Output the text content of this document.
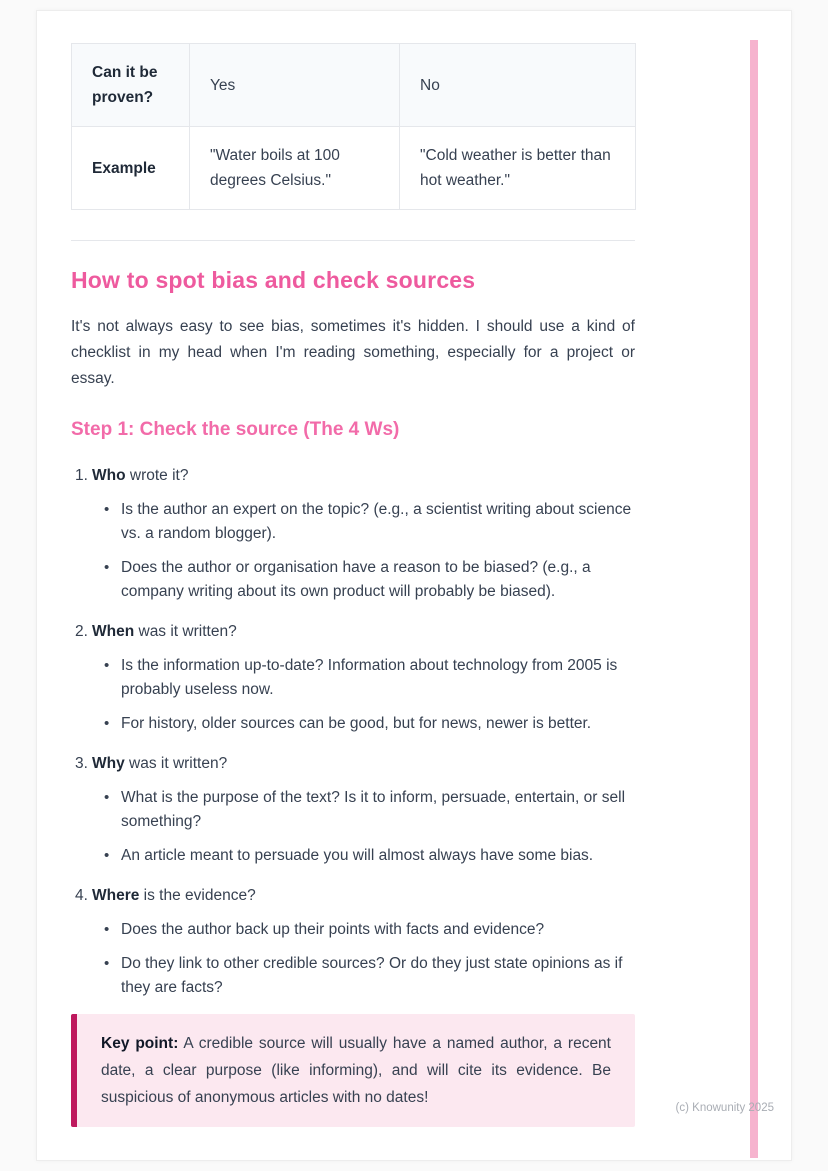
Can it be proven?	Yes	No
Example	"Water boils at 100 degrees Celsius."	"Cold weather is better than hot weather."
How to spot bias and check sources

It's not always easy to see bias, sometimes it's hidden. I should use a kind of checklist in my head when I'm reading something, especially for a project or essay.

Step 1: Check the source (The 4 Ws)
1. Who wrote it?
• Is the author an expert on the topic? (e.g., a scientist writing about science vs. a random blogger).
• Does the author or organisation have a reason to be biased? (e.g., a company writing about its own product will probably be biased).
2. When was it written?
• Is the information up-to-date? Information about technology from 2005 is probably useless now.
• For history, older sources can be good, but for news, newer is better.
3. Why was it written?
• What is the purpose of the text? Is it to inform, persuade, entertain, or sell something?
• An article meant to persuade you will almost always have some bias.
4. Where is the evidence?
• Does the author back up their points with facts and evidence?
• Do they link to other credible sources? Or do they just state opinions as if they are facts?
Key point: A credible source will usually have a named author, a recent date, a clear purpose (like informing), and will cite its evidence. Be suspicious of anonymous articles with no dates!
(c) Knowunity 2025
